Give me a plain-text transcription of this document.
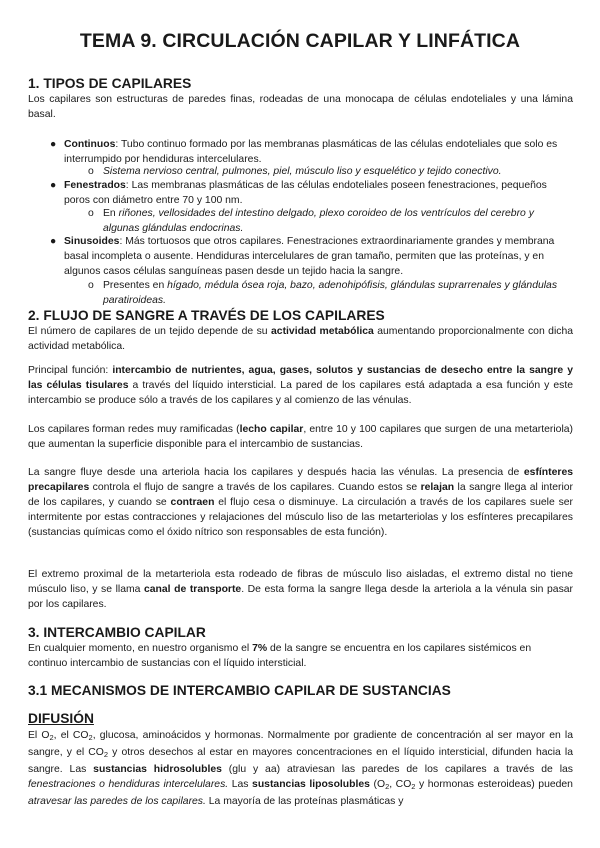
TEMA 9. CIRCULACIÓN CAPILAR Y LINFÁTICA
1. TIPOS DE CAPILARES

Los capilares son estructuras de paredes finas, rodeadas de una monocapa de células endoteliales y una lámina basal.

● Continuos: Tubo continuo formado por las membranas plasmáticas de las células endoteliales que solo es interrumpido por hendiduras intercelulares.

o Sistema nervioso central, pulmones, piel, músculo liso y esquelético y tejido conectivo.

● Fenestrados: Las membranas plasmáticas de las células endoteliales poseen fenestraciones, pequeños poros con diámetro entre 70 y 100 nm.

o En riñones, vellosidades del intestino delgado, plexo coroideo de los ventrículos del cerebro y algunas glándulas endocrinas.

● Sinusoides: Más tortuosos que otros capilares. Fenestraciones extraordinariamente grandes y membrana basal incompleta o ausente. Hendiduras intercelulares de gran tamaño, permiten que las proteínas, y en algunos casos células sanguíneas pasen desde un tejido hacia la sangre.

o Presentes en hígado, médula ósea roja, bazo, adenohipófisis, glándulas suprarrenales y glándulas paratiroideas.

2. FLUJO DE SANGRE A TRAVÉS DE LOS CAPILARES

El número de capilares de un tejido depende de su actividad metabólica aumentando proporcionalmente con dicha actividad metabólica.

Principal función: intercambio de nutrientes, agua, gases, solutos y sustancias de desecho entre la sangre y las células tisulares a través del líquido intersticial. La pared de los capilares está adaptada a esa función y este intercambio se produce sólo a través de los capilares y al comienzo de las vénulas.

Los capilares forman redes muy ramificadas (lecho capilar, entre 10 y 100 capilares que surgen de una metarteriola) que aumentan la superficie disponible para el intercambio de sustancias.

La sangre fluye desde una arteriola hacia los capilares y después hacia las vénulas. La presencia de esfínteres precapilares controla el flujo de sangre a través de los capilares. Cuando estos se relajan la sangre llega al interior de los capilares, y cuando se contraen el flujo cesa o disminuye. La circulación a través de los capilares suele ser intermitente por estas contracciones y relajaciones del músculo liso de las metarteriolas y los esfínteres precapilares (sustancias químicas como el óxido nítrico son responsables de esta función).

El extremo proximal de la metarteriola esta rodeado de fibras de músculo liso aisladas, el extremo distal no tiene músculo liso, y se llama canal de transporte. De esta forma la sangre llega desde la arteriola a la vénula sin pasar por los capilares.

3. INTERCAMBIO CAPILAR

En cualquier momento, en nuestro organismo el 7% de la sangre se encuentra en los capilares sistémicos en continuo intercambio de sustancias con el líquido intersticial.

3.1 MECANISMOS DE INTERCAMBIO CAPILAR DE SUSTANCIAS
DIFUSIÓN

El $O_2$, el $CO_2$, glucosa, aminoácidos y hormonas. Normalmente por gradiente de concentración al ser mayor en la sangre, y el $CO_2$ y otros desechos al estar en mayores concentraciones en el líquido intersticial, difunden hacia la sangre. Las sustancias hidrosolubles (glu y aa) atraviesan las paredes de los capilares a través de las fenestraciones o hendiduras intercelulares. Las sustancias liposolubles ($O_2$, $CO_2$ y hormonas esteroideas) pueden atravesar las paredes de los capilares. La mayoría de las proteínas plasmáticas y
